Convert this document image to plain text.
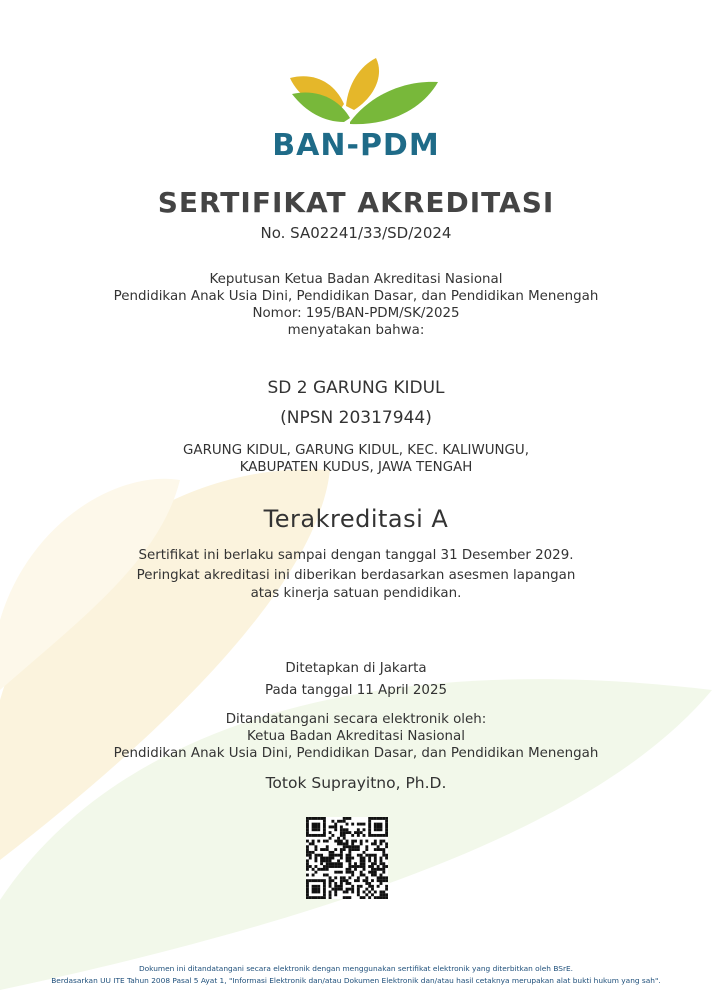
BAN-PDM
SERTIFIKAT AKREDITASI
No. SA02241/33/SD/2024
Keputusan Ketua Badan Akreditasi Nasional
Pendidikan Anak Usia Dini, Pendidikan Dasar, dan Pendidikan Menengah
Nomor: 195/BAN-PDM/SK/2025
menyatakan bahwa:
SD 2 GARUNG KIDUL
(NPSN 20317944)
GARUNG KIDUL, GARUNG KIDUL, KEC. KALIWUNGU,
KABUPATEN KUDUS, JAWA TENGAH
Terakreditasi A
Sertifikat ini berlaku sampai dengan tanggal 31 Desember 2029.
Peringkat akreditasi ini diberikan berdasarkan asesmen lapangan
atas kinerja satuan pendidikan.
Ditetapkan di Jakarta
Pada tanggal 11 April 2025
Ditandatangani secara elektronik oleh:
Ketua Badan Akreditasi Nasional
Pendidikan Anak Usia Dini, Pendidikan Dasar, dan Pendidikan Menengah
Totok Suprayitno, Ph.D.
Dokumen ini ditandatangani secara elektronik dengan menggunakan sertifikat elektronik yang diterbitkan oleh BSrE.
Berdasarkan UU ITE Tahun 2008 Pasal 5 Ayat 1, "Informasi Elektronik dan/atau Dokumen Elektronik dan/atau hasil cetaknya merupakan alat bukti hukum yang sah".
